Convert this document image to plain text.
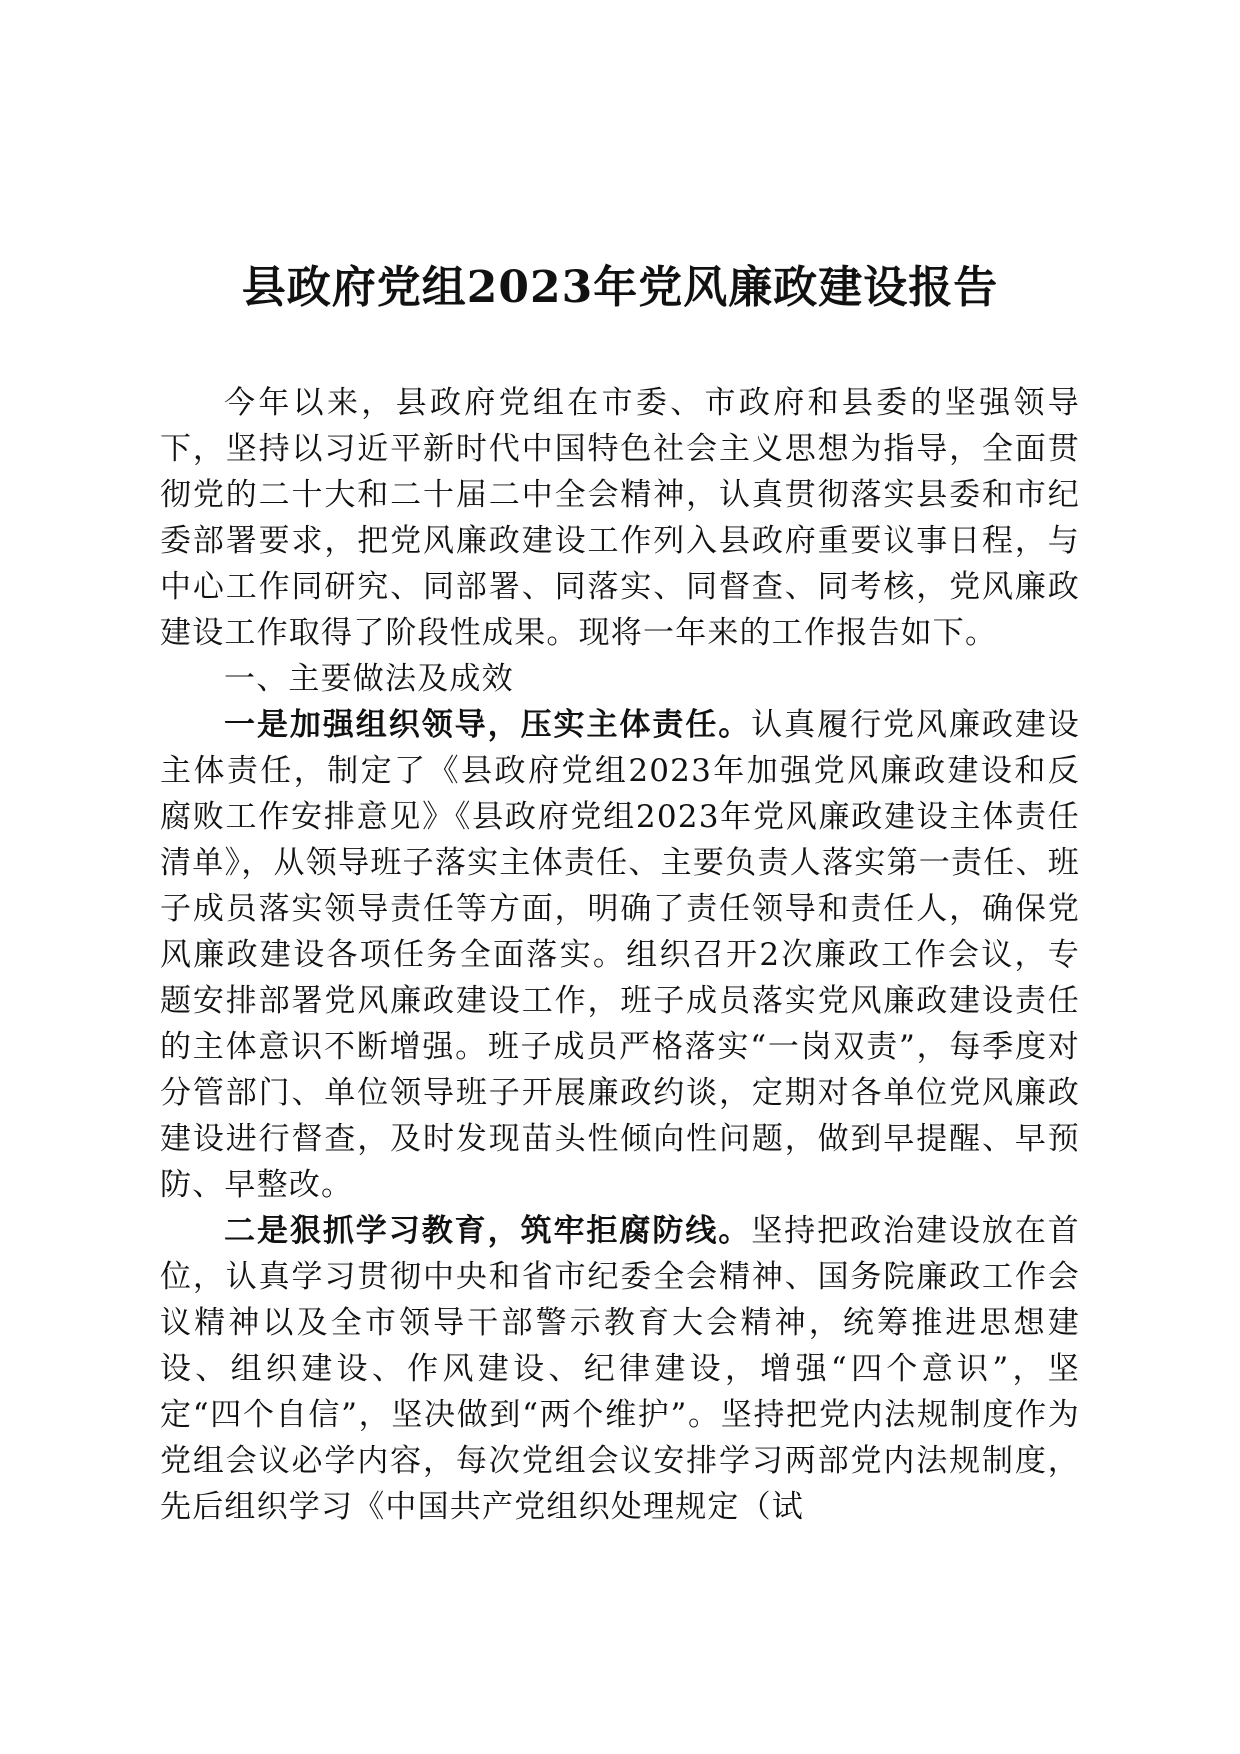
县政府党组2023年党风廉政建设报告

今年以来，县政府党组在市委、市政府和县委的坚强领导下，坚持以习近平新时代中国特色社会主义思想为指导，全面贯彻党的二十大和二十届二中全会精神，认真贯彻落实县委和市纪委部署要求，把党风廉政建设工作列入县政府重要议事日程，与中心工作同研究、同部署、同落实、同督查、同考核，党风廉政建设工作取得了阶段性成果。现将一年来的工作报告如下。

一、主要做法及成效

一是加强组织领导，压实主体责任。认真履行党风廉政建设主体责任，制定了《县政府党组2023年加强党风廉政建设和反腐败工作安排意见》《县政府党组2023年党风廉政建设主体责任清单》，从领导班子落实主体责任、主要负责人落实第一责任、班子成员落实领导责任等方面，明确了责任领导和责任人，确保党风廉政建设各项任务全面落实。组织召开2次廉政工作会议，专题安排部署党风廉政建设工作，班子成员落实党风廉政建设责任的主体意识不断增强。班子成员严格落实“一岗双责”，每季度对分管部门、单位领导班子开展廉政约谈，定期对各单位党风廉政建设进行督查，及时发现苗头性倾向性问题，做到早提醒、早预防、早整改。

二是狠抓学习教育，筑牢拒腐防线。坚持把政治建设放在首位，认真学习贯彻中央和省市纪委全会精神、国务院廉政工作会议精神以及全市领导干部警示教育大会精神，统筹推进思想建设、组织建设、作风建设、纪律建设，增强“四个意识”，坚定“四个自信”，坚决做到“两个维护”。坚持把党内法规制度作为党组会议必学内容，每次党组会议安排学习两部党内法规制度，先后组织学习《中国共产党组织处理规定（试
